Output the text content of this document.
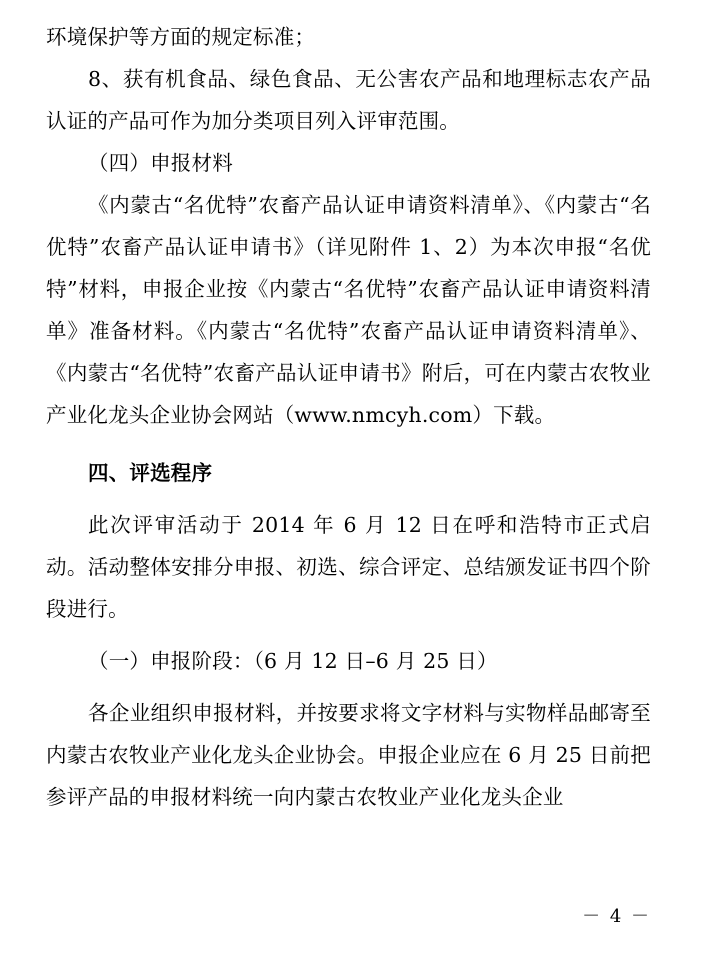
环境保护等方面的规定标准；

8、获有机食品、绿色食品、无公害农产品和地理标志农产品认证的产品可作为加分类项目列入评审范围。

（四）申报材料

《内蒙古“名优特”农畜产品认证申请资料清单》、《内蒙古“名优特”农畜产品认证申请书》（详见附件 1、2）为本次申报“名优特”材料，申报企业按《内蒙古“名优特”农畜产品认证申请资料清单》准备材料。《内蒙古“名优特”农畜产品认证申请资料清单》、《内蒙古“名优特”农畜产品认证申请书》附后，可在内蒙古农牧业产业化龙头企业协会网站（www.nmcyh.com）下载。

四、评选程序

此次评审活动于 2014 年 6 月 12 日在呼和浩特市正式启动。活动整体安排分申报、初选、综合评定、总结颁发证书四个阶段进行。

（一）申报阶段：（6 月 12 日–6 月 25 日）

各企业组织申报材料，并按要求将文字材料与实物样品邮寄至内蒙古农牧业产业化龙头企业协会。申报企业应在 6 月 25 日前把参评产品的申报材料统一向内蒙古农牧业产业化龙头企业

－ 4 －
